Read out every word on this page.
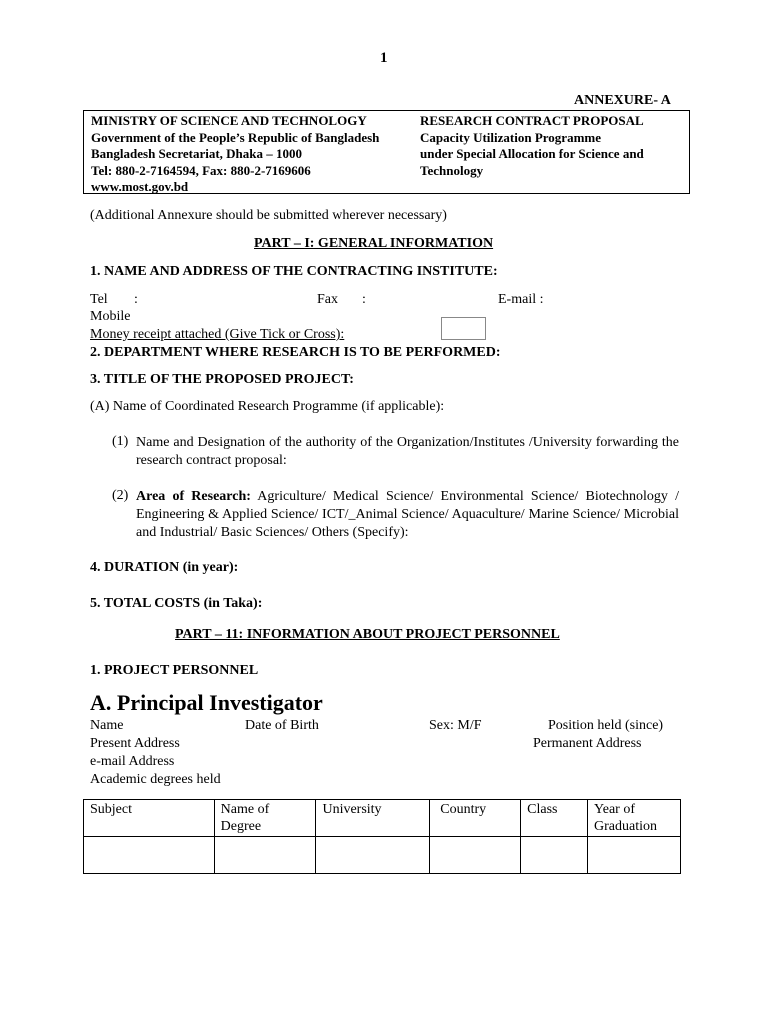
1
ANNEXURE- A
MINISTRY OF SCIENCE AND TECHNOLOGY
Government of the People’s Republic of Bangladesh
Bangladesh Secretariat, Dhaka – 1000
Tel: 880-2-7164594, Fax: 880-2-7169606
www.most.gov.bd
RESEARCH CONTRACT PROPOSAL
Capacity Utilization Programme
under Special Allocation for Science and
Technology
(Additional Annexure should be submitted wherever necessary)
PART – I: GENERAL INFORMATION
1. NAME AND ADDRESS OF THE CONTRACTING INSTITUTE:
Tel :	Fax :	E-mail :
Mobile
Money receipt attached (Give Tick or Cross):
2. DEPARTMENT WHERE RESEARCH IS TO BE PERFORMED:
3. TITLE OF THE PROPOSED PROJECT:
(A) Name of Coordinated Research Programme (if applicable):
(1) Name and Designation of the authority of the Organization/Institutes /University forwarding the research contract proposal:
(2) Area of Research: Agriculture/ Medical Science/ Environmental Science/ Biotechnology / Engineering & Applied Science/ ICT/_Animal Science/ Aquaculture/ Marine Science/ Microbial and Industrial/ Basic Sciences/ Others (Specify):
4. DURATION (in year):
5. TOTAL COSTS (in Taka):
PART – 11: INFORMATION ABOUT PROJECT PERSONNEL
1. PROJECT PERSONNEL
A. Principal Investigator
Name	Date of Birth	Sex: M/F	Position held (since)
Present Address	Permanent Address
e-mail Address
Academic degrees held
Subject	Name of Degree	University	Country	Class	Year of Graduation
